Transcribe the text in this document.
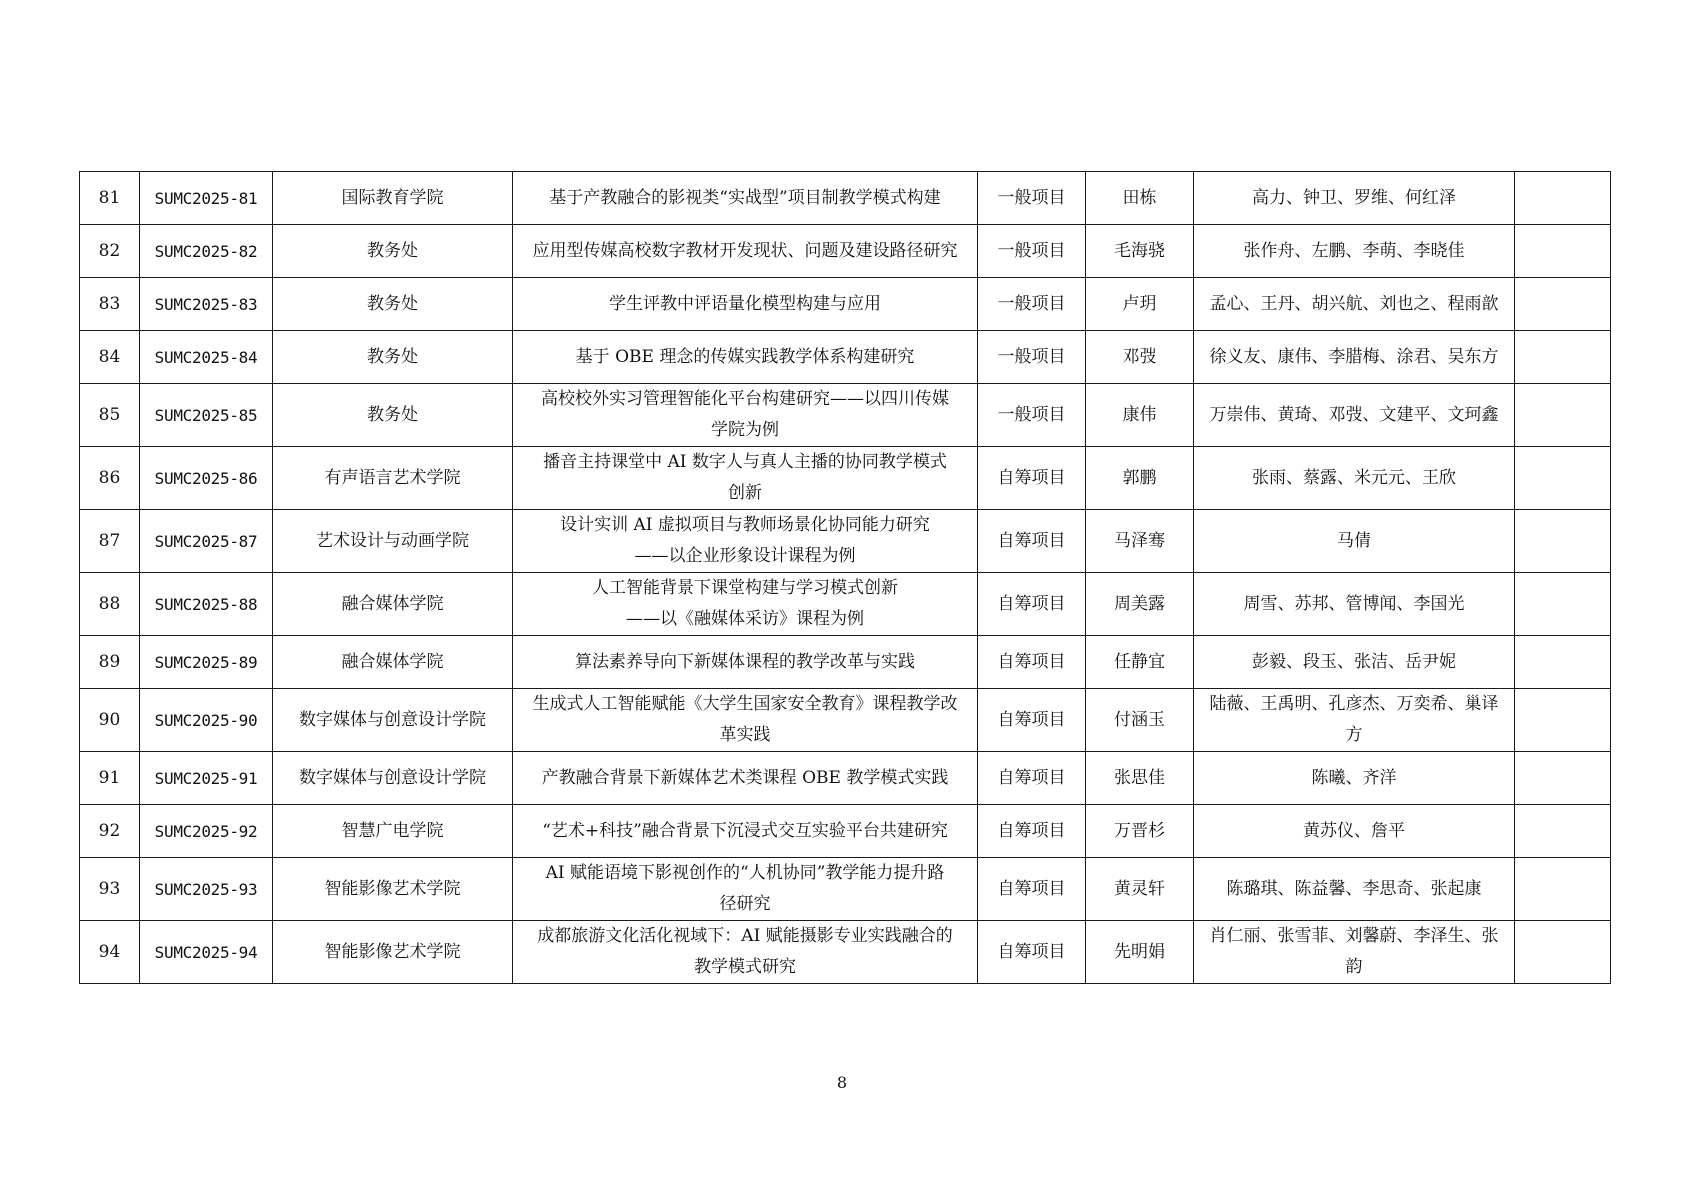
81	SUMC2025-81	国际教育学院	基于产教融合的影视类“实战型”项目制教学模式构建	一般项目	田栋	高力、钟卫、罗维、何红泽	

82	SUMC2025-82	教务处	应用型传媒高校数字教材开发现状、问题及建设路径研究	一般项目	毛海骁	张作舟、左鹏、李萌、李晓佳	

83	SUMC2025-83	教务处	学生评教中评语量化模型构建与应用	一般项目	卢玥	孟心、王丹、胡兴航、刘也之、程雨歆	

84	SUMC2025-84	教务处	基于 OBE 理念的传媒实践教学体系构建研究	一般项目	邓弢	徐义友、康伟、李腊梅、涂君、吴东方	

85	SUMC2025-85	教务处	高校校外实习管理智能化平台构建研究——以四川传媒
学院为例	一般项目	康伟	万崇伟、黄琦、邓弢、文建平、文珂鑫	

86	SUMC2025-86	有声语言艺术学院	播音主持课堂中 AI 数字人与真人主播的协同教学模式
创新	自筹项目	郭鹏	张雨、蔡露、米元元、王欣	

87	SUMC2025-87	艺术设计与动画学院	设计实训 AI 虚拟项目与教师场景化协同能力研究
——以企业形象设计课程为例	自筹项目	马泽骞	马倩	

88	SUMC2025-88	融合媒体学院	人工智能背景下课堂构建与学习模式创新
——以《融媒体采访》课程为例	自筹项目	周美露	周雪、苏邦、管博闻、李国光	

89	SUMC2025-89	融合媒体学院	算法素养导向下新媒体课程的教学改革与实践	自筹项目	任静宜	彭毅、段玉、张洁、岳尹妮	

90	SUMC2025-90	数字媒体与创意设计学院	生成式人工智能赋能《大学生国家安全教育》课程教学改
革实践	自筹项目	付涵玉	陆薇、王禹明、孔彦杰、万奕希、巢译
方	

91	SUMC2025-91	数字媒体与创意设计学院	产教融合背景下新媒体艺术类课程 OBE 教学模式实践	自筹项目	张思佳	陈曦、齐洋	

92	SUMC2025-92	智慧广电学院	“艺术+科技”融合背景下沉浸式交互实验平台共建研究	自筹项目	万晋杉	黄苏仪、詹平	

93	SUMC2025-93	智能影像艺术学院	AI 赋能语境下影视创作的“人机协同”教学能力提升路
径研究	自筹项目	黄灵轩	陈璐琪、陈益馨、李思奇、张起康	

94	SUMC2025-94	智能影像艺术学院	成都旅游文化活化视域下：AI 赋能摄影专业实践融合的
教学模式研究	自筹项目	先明娟	肖仁丽、张雪菲、刘馨蔚、李泽生、张
韵	

8
